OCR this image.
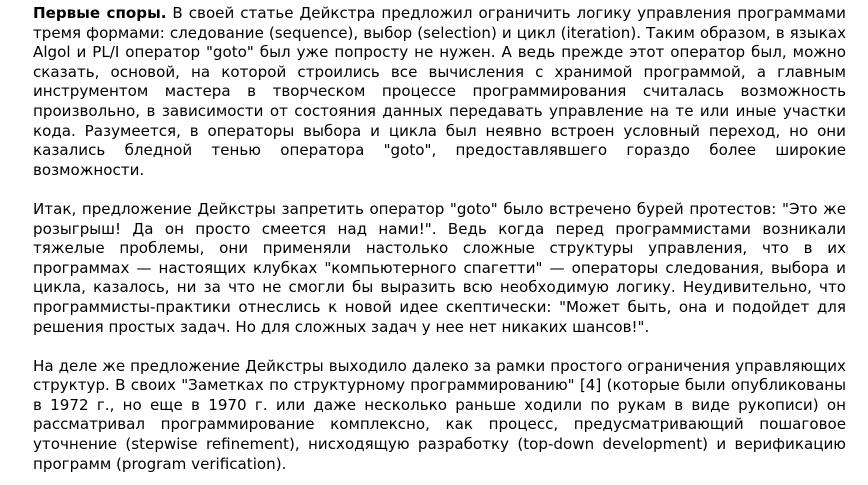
Первые споры. В своей статье Дейкстра предложил ограничить логику управления программами тремя формами: следование (sequence), выбор (selection) и цикл (iteration). Таким образом, в языках Algol и PL/I оператор "goto" был уже попросту не нужен. А ведь прежде этот оператор был, можно сказать, основой, на которой строились все вычисления с хранимой программой, а главным инструментом мастера в творческом процессе программирования считалась возможность произвольно, в зависимости от состояния данных передавать управление на те или иные участки кода. Разумеется, в операторы выбора и цикла был неявно встроен условный переход, но они казались бледной тенью оператора "goto", предоставлявшего гораздо более широкие возможности.

Итак, предложение Дейкстры запретить оператор "goto" было встречено бурей протестов: "Это же розыгрыш! Да он просто смеется над нами!". Ведь когда перед программистами возникали тяжелые проблемы, они применяли настолько сложные структуры управления, что в их программах — настоящих клубках "компьютерного спагетти" — операторы следования, выбора и цикла, казалось, ни за что не смогли бы выразить всю необходимую логику. Неудивительно, что программисты-практики отнеслись к новой идее скептически: "Может быть, она и подойдет для решения простых задач. Но для сложных задач у нее нет никаких шансов!".

На деле же предложение Дейкстры выходило далеко за рамки простого ограничения управляющих структур. В своих "Заметках по структурному программированию" [4] (которые были опубликованы в 1972 г., но еще в 1970 г. или даже несколько раньше ходили по рукам в виде рукописи) он рассматривал программирование комплексно, как процесс, предусматривающий пошаговое уточнение (stepwise refinement), нисходящую разработку (top-down development) и верификацию программ (program verification).
